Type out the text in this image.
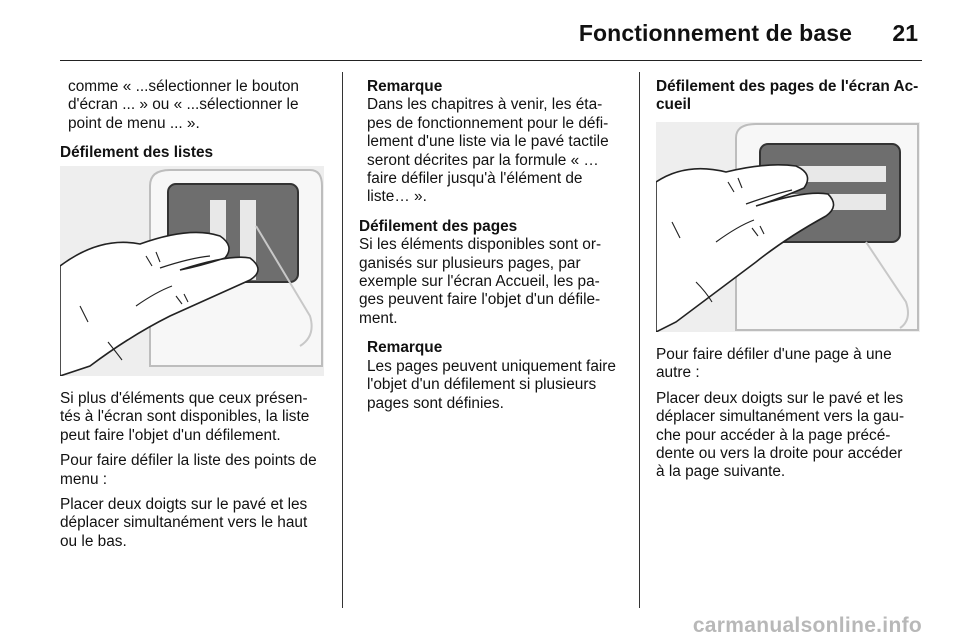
Fonctionnement de base 21

comme « ...sélectionner le bouton

d'écran ... » ou « ...sélectionner le

point de menu ... ».

Défilement des listes

Si plus d'éléments que ceux présen-

tés à l'écran sont disponibles, la liste

peut faire l'objet d'un défilement.

Pour faire défiler la liste des points de

menu :

Placer deux doigts sur le pavé et les

déplacer simultanément vers le haut

ou le bas.

Remarque

Dans les chapitres à venir, les éta-

pes de fonctionnement pour le défi-

lement d'une liste via le pavé tactile

seront décrites par la formule « …

faire défiler jusqu'à l'élément de

liste… ».

Défilement des pages

Si les éléments disponibles sont or-

ganisés sur plusieurs pages, par

exemple sur l'écran Accueil, les pa-

ges peuvent faire l'objet d'un défile-

ment.

Remarque

Les pages peuvent uniquement faire

l'objet d'un défilement si plusieurs

pages sont définies.

Défilement des pages de l'écran Ac-
cueil

Pour faire défiler d'une page à une

autre :

Placer deux doigts sur le pavé et les

déplacer simultanément vers la gau-

che pour accéder à la page précé-

dente ou vers la droite pour accéder

à la page suivante.

carmanualsonline.info
